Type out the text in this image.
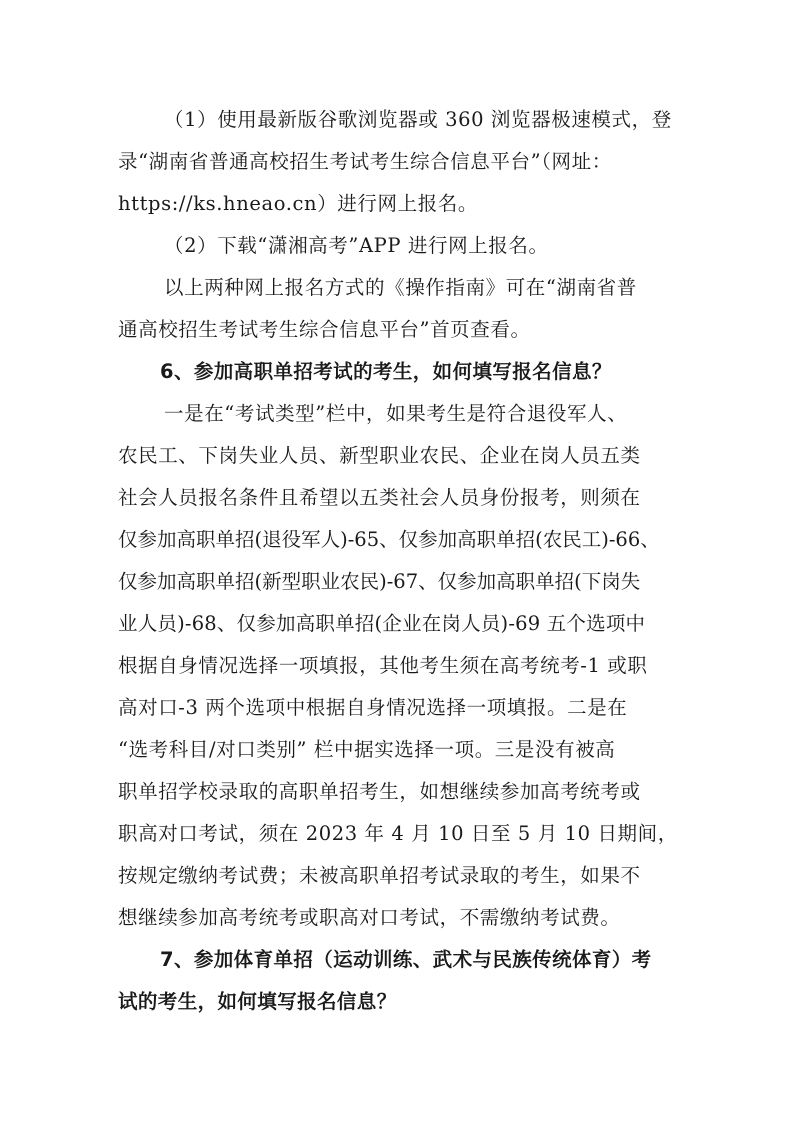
（1）使用最新版谷歌浏览器或 360 浏览器极速模式，登
录“湖南省普通高校招生考试考生综合信息平台”（网址：
https://ks.hneao.cn）进行网上报名。
（2）下载“潇湘高考”APP 进行网上报名。
以上两种网上报名方式的《操作指南》可在“湖南省普
通高校招生考试考生综合信息平台”首页查看。
6、参加高职单招考试的考生，如何填写报名信息？
一是在“考试类型”栏中，如果考生是符合退役军人、
农民工、下岗失业人员、新型职业农民、企业在岗人员五类
社会人员报名条件且希望以五类社会人员身份报考，则须在
仅参加高职单招(退役军人)-65、仅参加高职单招(农民工)-66、
仅参加高职单招(新型职业农民)-67、仅参加高职单招(下岗失
业人员)-68、仅参加高职单招(企业在岗人员)-69 五个选项中
根据自身情况选择一项填报，其他考生须在高考统考-1 或职
高对口-3 两个选项中根据自身情况选择一项填报。二是在
“选考科目/对口类别” 栏中据实选择一项。三是没有被高
职单招学校录取的高职单招考生，如想继续参加高考统考或
职高对口考试，须在 2023 年 4 月 10 日至 5 月 10 日期间，
按规定缴纳考试费；未被高职单招考试录取的考生，如果不
想继续参加高考统考或职高对口考试，不需缴纳考试费。
7、参加体育单招（运动训练、武术与民族传统体育）考
试的考生，如何填写报名信息？
